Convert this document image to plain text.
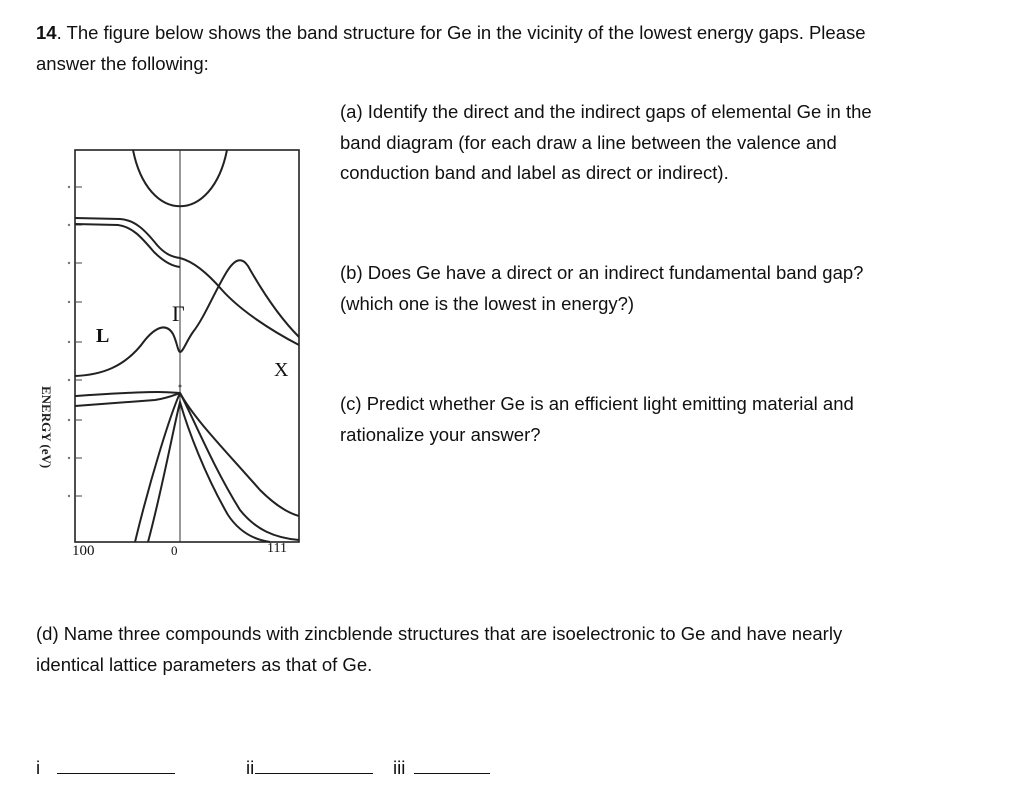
14. The figure below shows the band structure for Ge in the vicinity of the lowest energy gaps. Please
answer the following:
(a) Identify the direct and the indirect gaps of elemental Ge in the
band diagram (for each draw a line between the valence and
conduction band and label as direct or indirect).
(b) Does Ge have a direct or an indirect fundamental band gap?
(which one is the lowest in energy?)
(c) Predict whether Ge is an efficient light emitting material and
rationalize your answer?
L
Γ
X
ENERGY (eV)
100	0	111
(d) Name three compounds with zincblende structures that are isoelectronic to Ge and have nearly
identical lattice parameters as that of Ge.
i	ii	iii
